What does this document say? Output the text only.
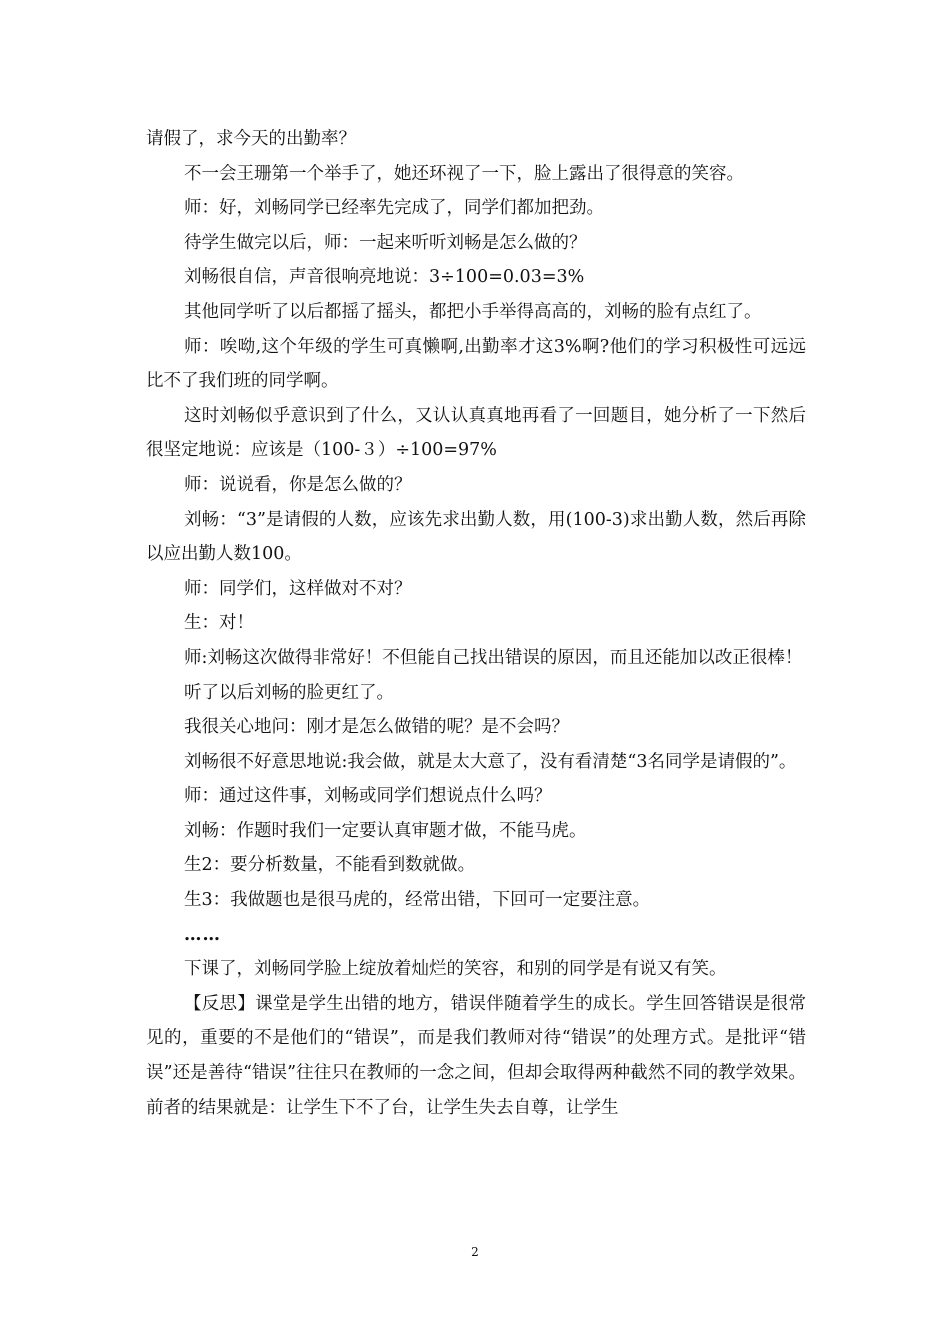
请假了，求今天的出勤率？

不一会王珊第一个举手了，她还环视了一下，脸上露出了很得意的笑容。

师：好，刘畅同学已经率先完成了，同学们都加把劲。

待学生做完以后，师：一起来听听刘畅是怎么做的？

刘畅很自信，声音很响亮地说：3÷100=0.03=3%

其他同学听了以后都摇了摇头，都把小手举得高高的，刘畅的脸有点红了。

师：唉呦,这个年级的学生可真懒啊,出勤率才这3%啊?他们的学习积极性可远远比不了我们班的同学啊。

这时刘畅似乎意识到了什么，又认认真真地再看了一回题目，她分析了一下然后很坚定地说：应该是（100-３）÷100=97%

师：说说看，你是怎么做的？

刘畅：“3”是请假的人数，应该先求出勤人数，用(100-3)求出勤人数，然后再除以应出勤人数100。

师：同学们，这样做对不对？

生：对！

师:刘畅这次做得非常好！不但能自己找出错误的原因，而且还能加以改正很棒！

听了以后刘畅的脸更红了。

我很关心地问：刚才是怎么做错的呢？是不会吗？

刘畅很不好意思地说:我会做，就是太大意了，没有看清楚“3名同学是请假的”。

师：通过这件事，刘畅或同学们想说点什么吗？

刘畅：作题时我们一定要认真审题才做，不能马虎。

生2：要分析数量，不能看到数就做。

生3：我做题也是很马虎的，经常出错，下回可一定要注意。

……

下课了，刘畅同学脸上绽放着灿烂的笑容，和别的同学是有说又有笑。

【反思】课堂是学生出错的地方，错误伴随着学生的成长。学生回答错误是很常见的，重要的不是他们的“错误”，而是我们教师对待“错误”的处理方式。是批评“错误”还是善待“错误”往往只在教师的一念之间，但却会取得两种截然不同的教学效果。前者的结果就是：让学生下不了台，让学生失去自尊，让学生

2
